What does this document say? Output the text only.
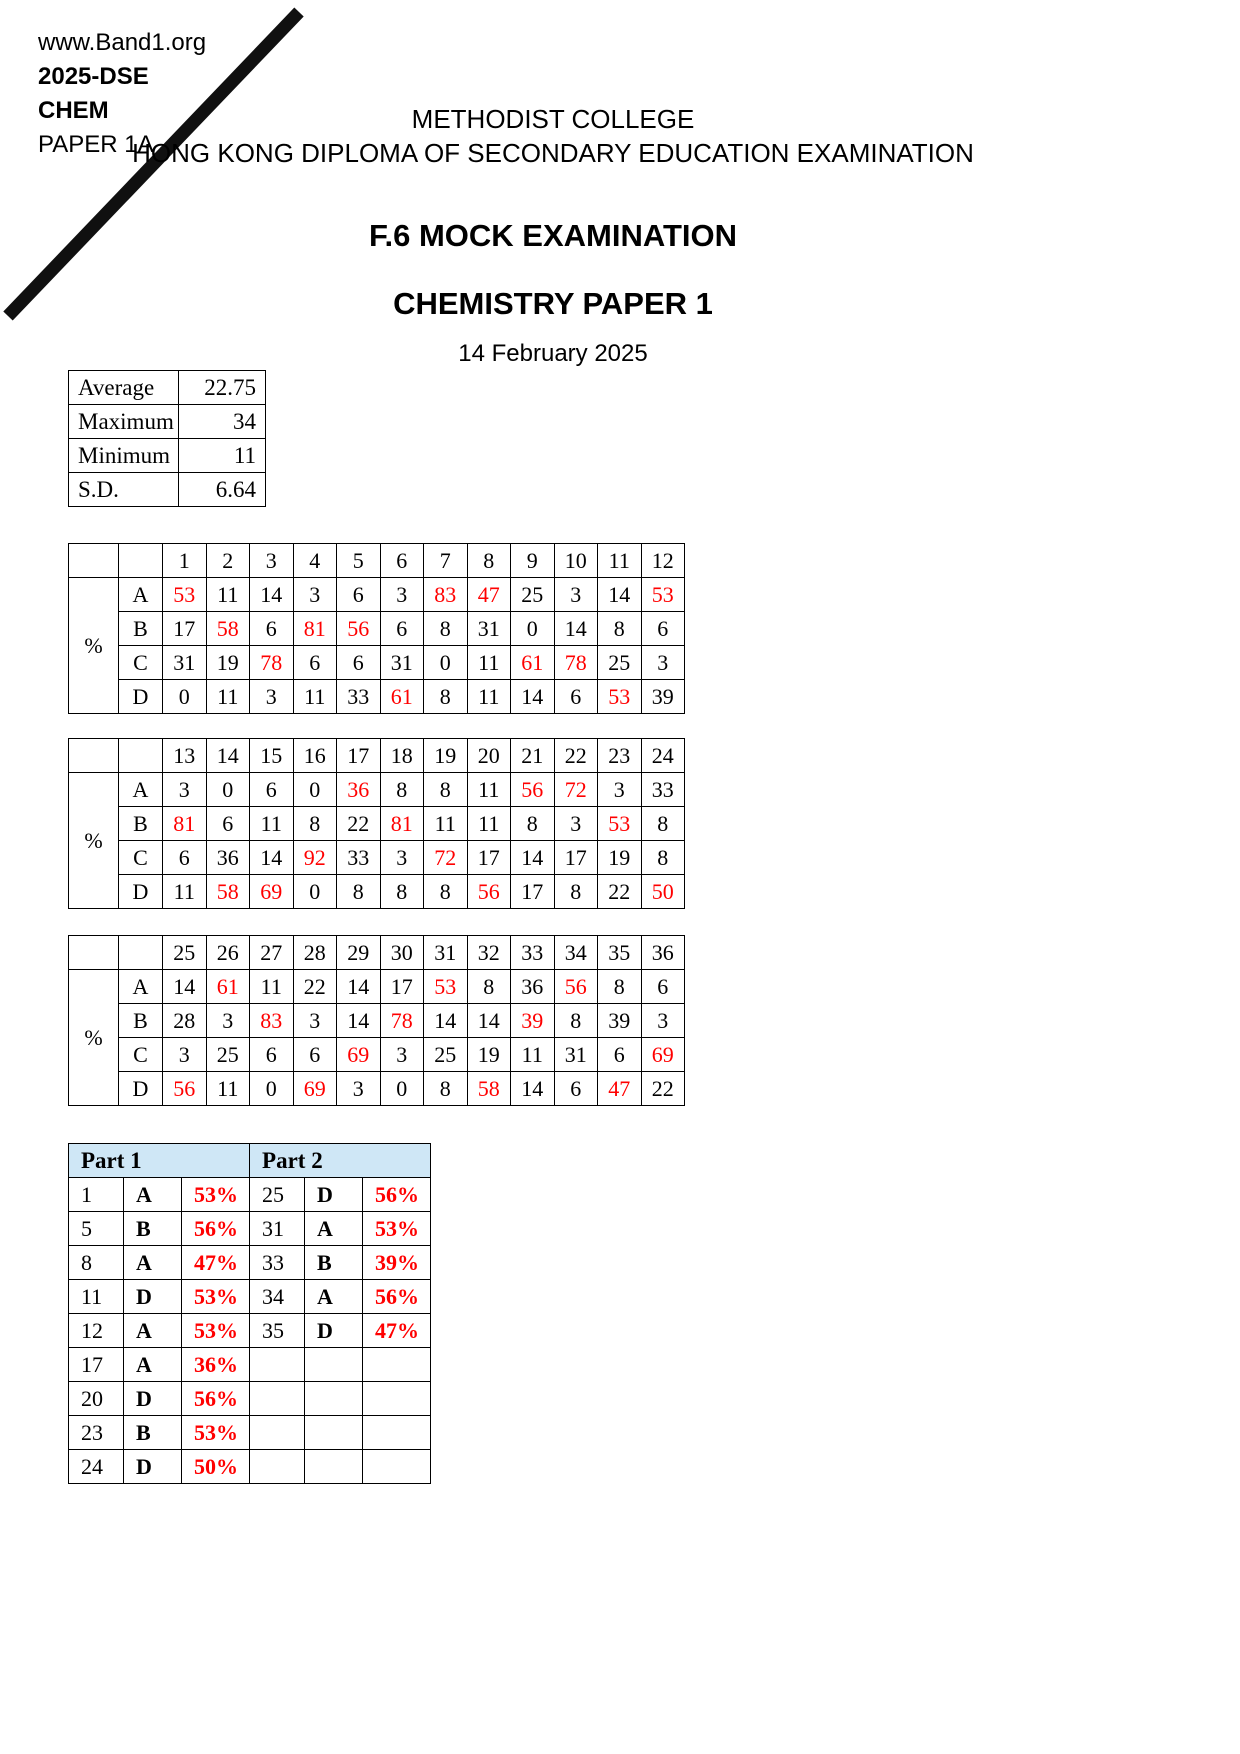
www.Band1.org
2025-DSE
CHEM
PAPER 1A
METHODIST COLLEGE
HONG KONG DIPLOMA OF SECONDARY EDUCATION EXAMINATION
F.6 MOCK EXAMINATION
CHEMISTRY PAPER 1
14 February 2025
Average	22.75
Maximum	34
Minimum	11
S.D.	6.64
		1	2	3	4	5	6	7	8	9	10	11	12
%	A	53	11	14	3	6	3	83	47	25	3	14	53
	B	17	58	6	81	56	6	8	31	0	14	8	6
	C	31	19	78	6	6	31	0	11	61	78	25	3
	D	0	11	3	11	33	61	8	11	14	6	53	39
		13	14	15	16	17	18	19	20	21	22	23	24
%	A	3	0	6	0	36	8	8	11	56	72	3	33
	B	81	6	11	8	22	81	11	11	8	3	53	8
	C	6	36	14	92	33	3	72	17	14	17	19	8
	D	11	58	69	0	8	8	8	56	17	8	22	50
		25	26	27	28	29	30	31	32	33	34	35	36
%	A	14	61	11	22	14	17	53	8	36	56	8	6
	B	28	3	83	3	14	78	14	14	39	8	39	3
	C	3	25	6	6	69	3	25	19	11	31	6	69
	D	56	11	0	69	3	0	8	58	14	6	47	22
Part 1			Part 2		
1	A	53%	25	D	56%
5	B	56%	31	A	53%
8	A	47%	33	B	39%
11	D	53%	34	A	56%
12	A	53%	35	D	47%
17	A	36%			
20	D	56%			
23	B	53%			
24	D	50%			
